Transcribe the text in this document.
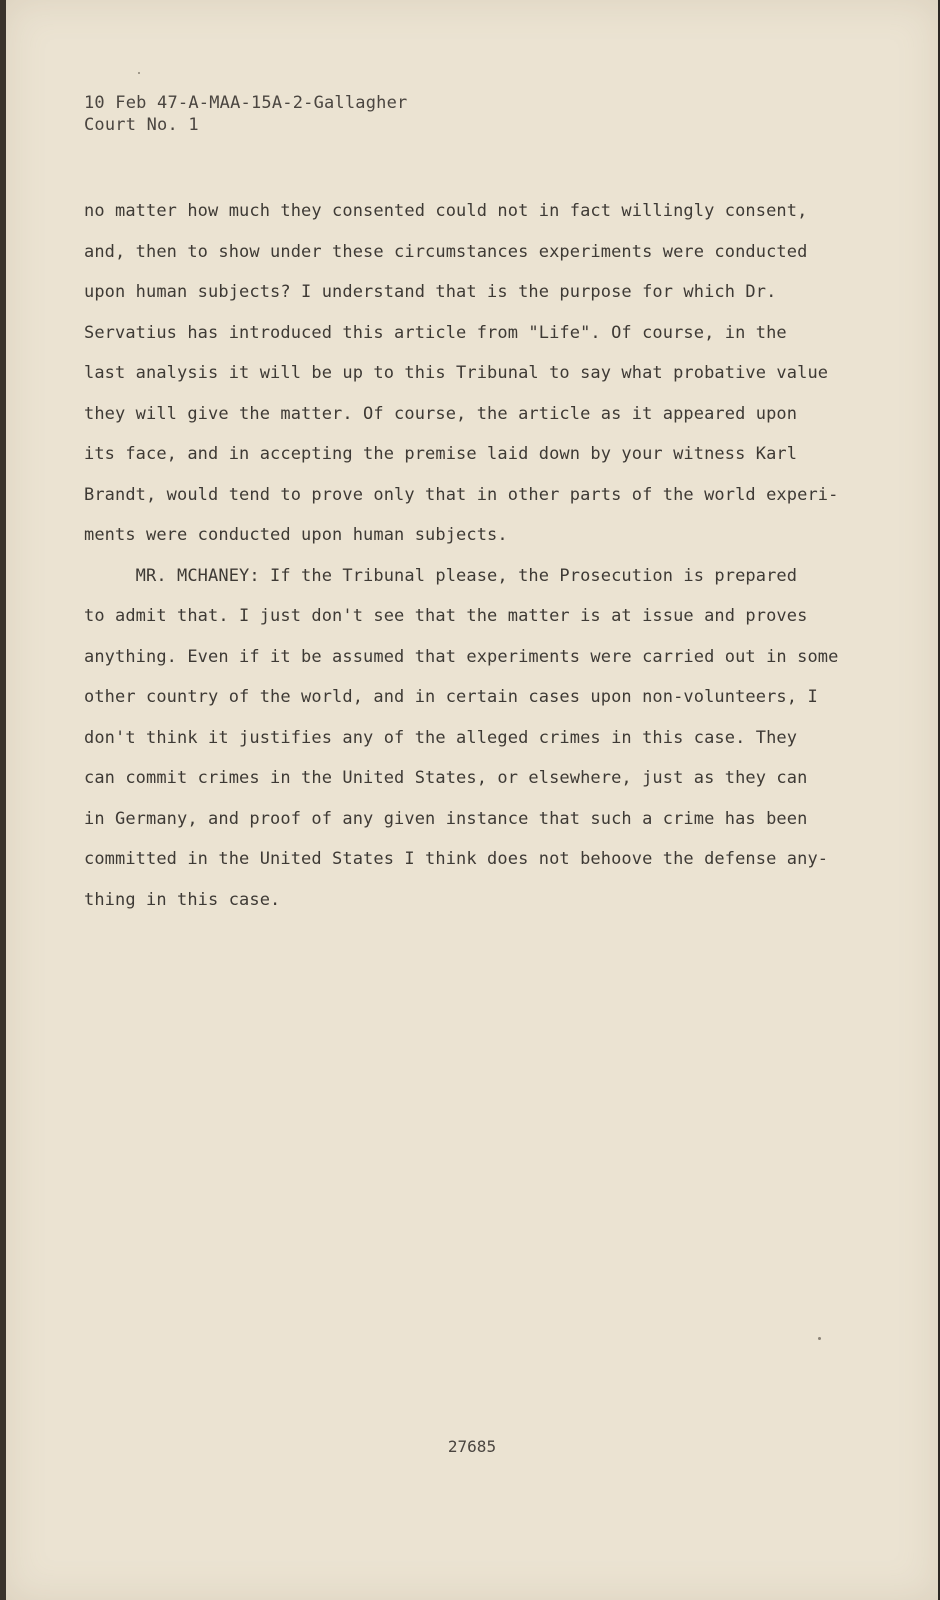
10 Feb 47-A-MAA-15A-2-Gallagher
Court No. 1
no matter how much they consented could not in fact willingly consent,
and, then to show under these circumstances experiments were conducted
upon human subjects? I understand that is the purpose for which Dr.
Servatius has introduced this article from "Life". Of course, in the
last analysis it will be up to this Tribunal to say what probative value
they will give the matter. Of course, the article as it appeared upon
its face, and in accepting the premise laid down by your witness Karl
Brandt, would tend to prove only that in other parts of the world experi-
ments were conducted upon human subjects.
MR. MCHANEY: If the Tribunal please, the Prosecution is prepared
to admit that. I just don't see that the matter is at issue and proves
anything. Even if it be assumed that experiments were carried out in some
other country of the world, and in certain cases upon non-volunteers, I
don't think it justifies any of the alleged crimes in this case. They
can commit crimes in the United States, or elsewhere, just as they can
in Germany, and proof of any given instance that such a crime has been
committed in the United States I think does not behoove the defense any-
thing in this case.
27685
